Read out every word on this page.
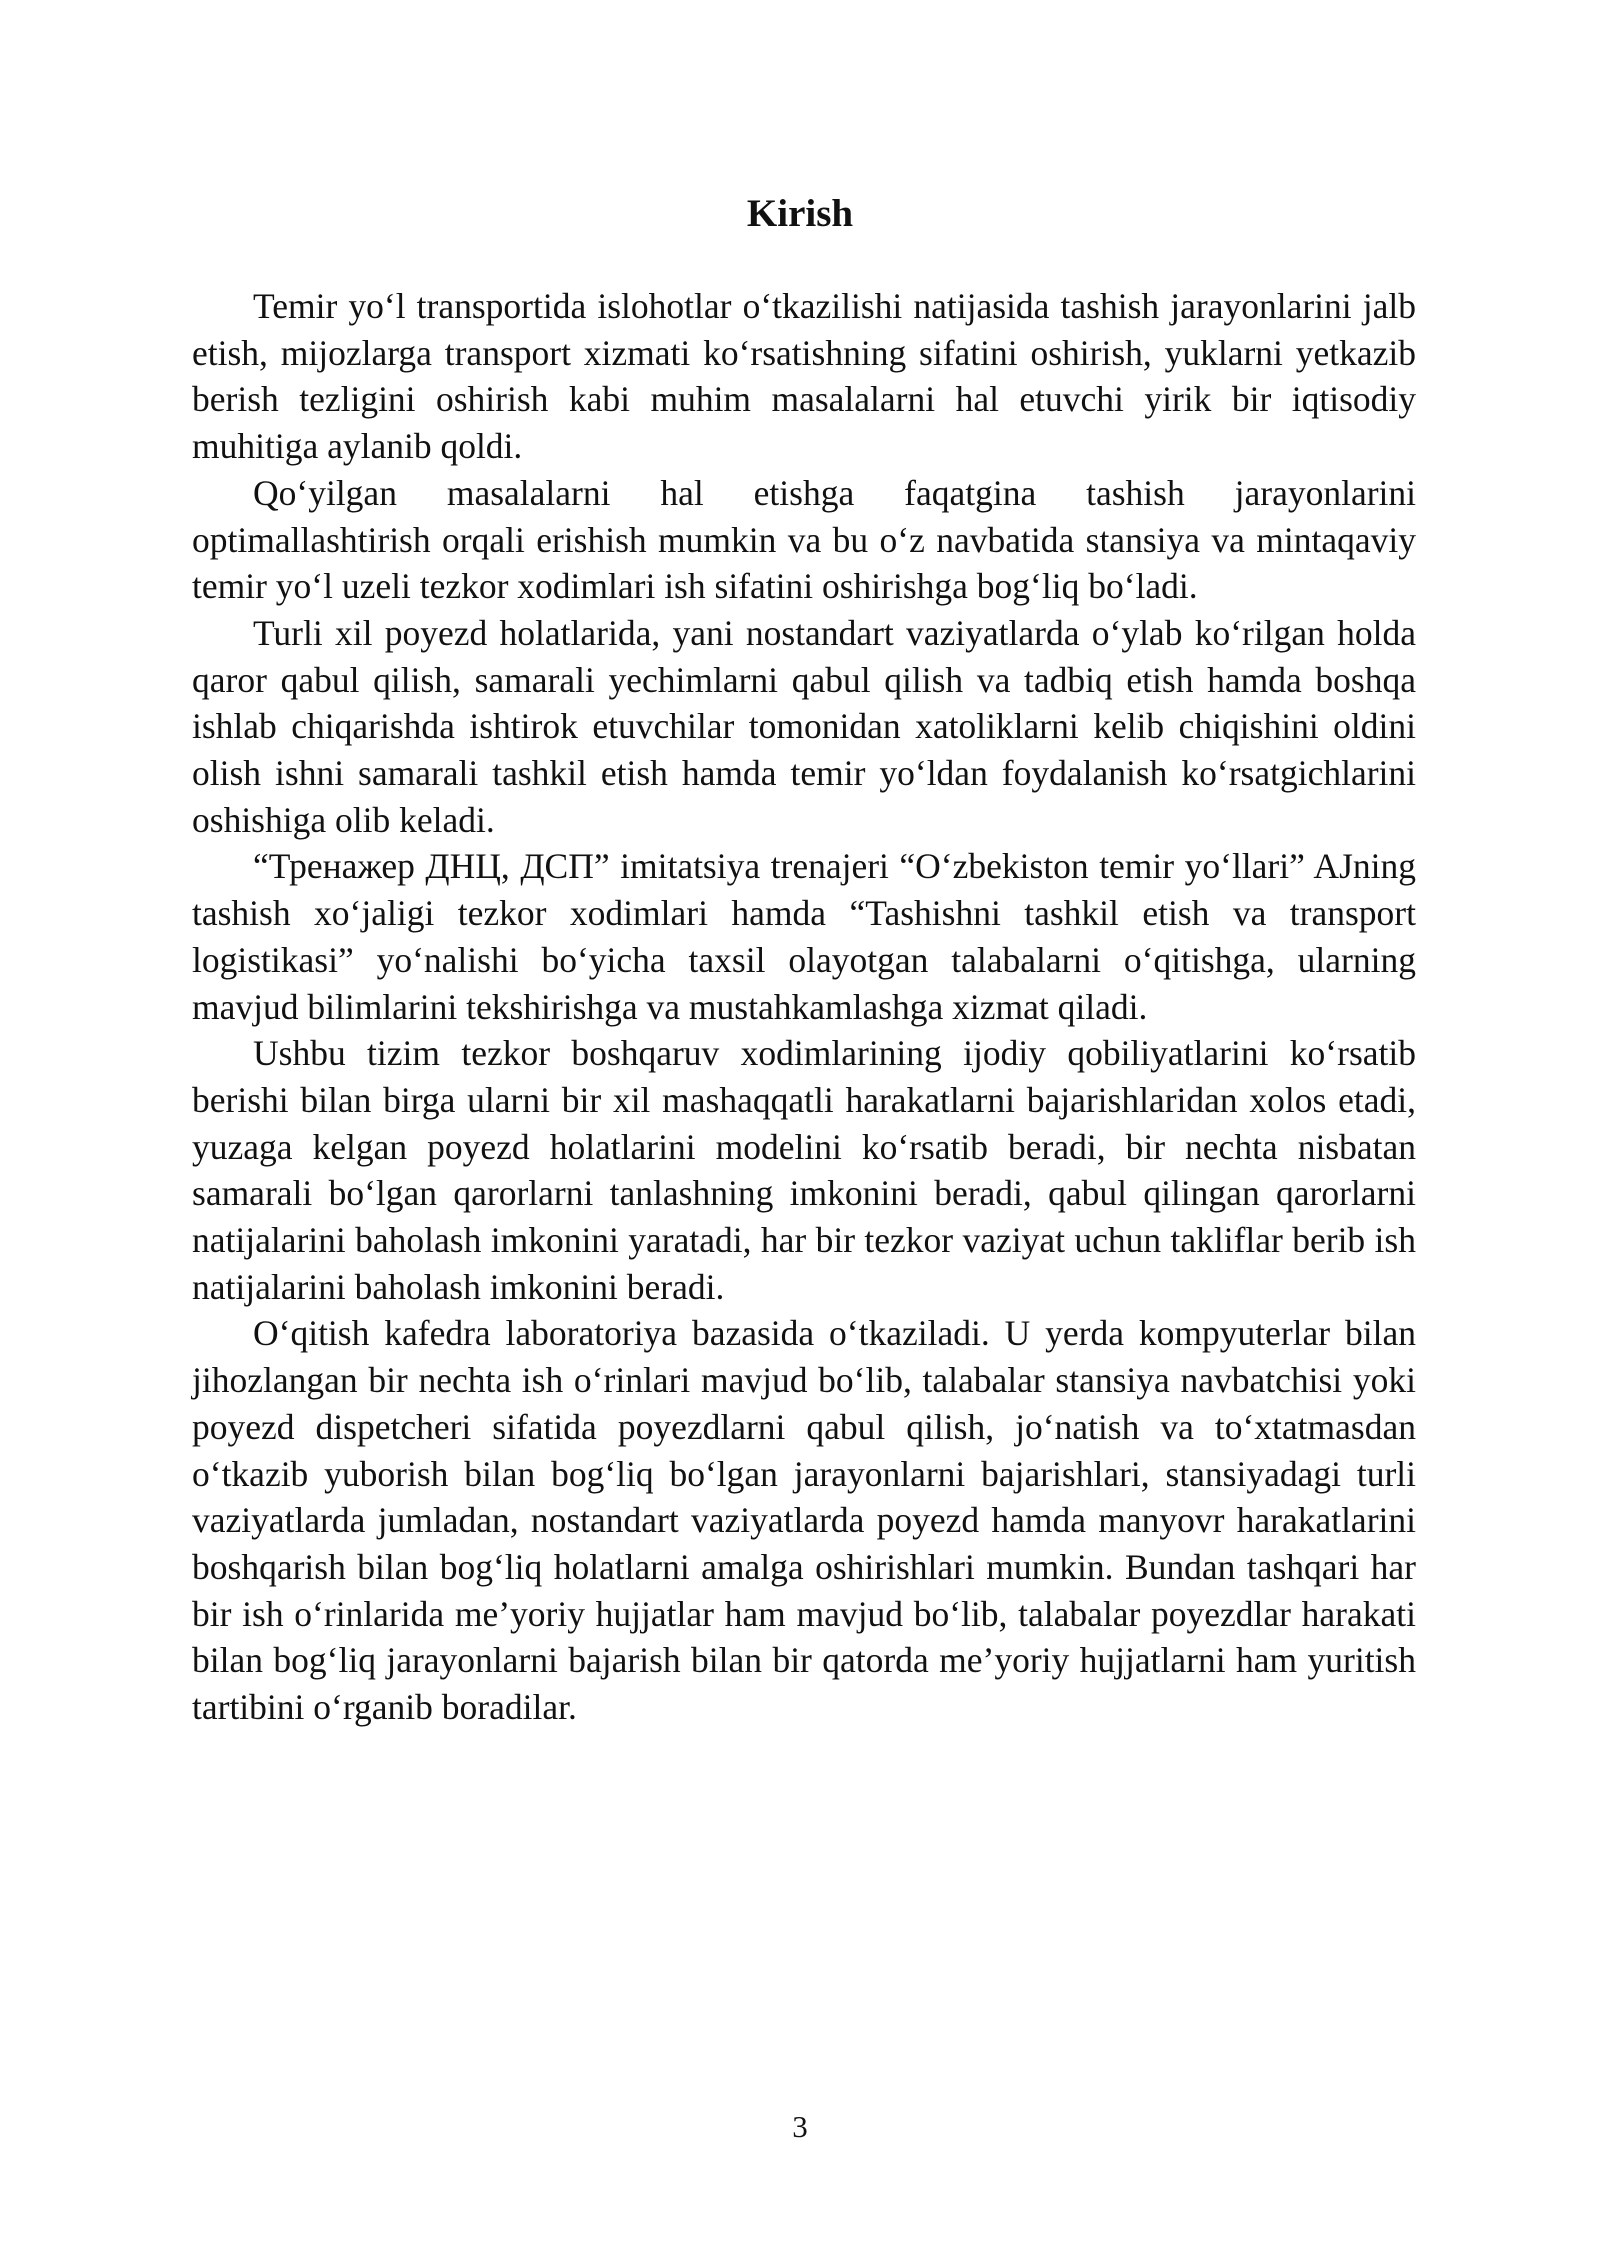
Kirish

Temir yo‘l transportida islohotlar o‘tkazilishi natijasida tashish jarayonlarini jalb etish, mijozlarga transport xizmati ko‘rsatishning sifatini oshirish, yuklarni yetkazib berish tezligini oshirish kabi muhim masalalarni hal etuvchi yirik bir iqtisodiy muhitiga aylanib qoldi.

Qo‘yilgan masalalarni hal etishga faqatgina tashish jarayonlarini optimallashtirish orqali erishish mumkin va bu o‘z navbatida stansiya va mintaqaviy temir yo‘l uzeli tezkor xodimlari ish sifatini oshirishga bog‘liq bo‘ladi.

Turli xil poyezd holatlarida, yani nostandart vaziyatlarda o‘ylab ko‘rilgan holda qaror qabul qilish, samarali yechimlarni qabul qilish va tadbiq etish hamda boshqa ishlab chiqarishda ishtirok etuvchilar tomonidan xatoliklarni kelib chiqishini oldini olish ishni samarali tashkil etish hamda temir yo‘ldan foydalanish ko‘rsatgichlarini oshishiga olib keladi.

“Тренажер ДНЦ, ДСП” imitatsiya trenajeri “O‘zbekiston temir yo‘llari” AJning tashish xo‘jaligi tezkor xodimlari hamda “Tashishni tashkil etish va transport logistikasi” yo‘nalishi bo‘yicha taxsil olayotgan talabalarni o‘qitishga, ularning mavjud bilimlarini tekshirishga va mustahkamlashga xizmat qiladi.

Ushbu tizim tezkor boshqaruv xodimlarining ijodiy qobiliyatlarini ko‘rsatib berishi bilan birga ularni bir xil mashaqqatli harakatlarni bajarishlaridan xolos etadi, yuzaga kelgan poyezd holatlarini modelini ko‘rsatib beradi, bir nechta nisbatan samarali bo‘lgan qarorlarni tanlashning imkonini beradi, qabul qilingan qarorlarni natijalarini baholash imkonini yaratadi, har bir tezkor vaziyat uchun takliflar berib ish natijalarini baholash imkonini beradi.

O‘qitish kafedra laboratoriya bazasida o‘tkaziladi. U yerda kompyuterlar bilan jihozlangan bir nechta ish o‘rinlari mavjud bo‘lib, talabalar stansiya navbatchisi yoki poyezd dispetcheri sifatida poyezdlarni qabul qilish, jo‘natish va to‘xtatmasdan o‘tkazib yuborish bilan bog‘liq bo‘lgan jarayonlarni bajarishlari, stansiyadagi turli vaziyatlarda jumladan, nostandart vaziyatlarda poyezd hamda manyovr harakatlarini boshqarish bilan bog‘liq holatlarni amalga oshirishlari mumkin. Bundan tashqari har bir ish o‘rinlarida me’yoriy hujjatlar ham mavjud bo‘lib, talabalar poyezdlar harakati bilan bog‘liq jarayonlarni bajarish bilan bir qatorda me’yoriy hujjatlarni ham yuritish tartibini o‘rganib boradilar.

3
